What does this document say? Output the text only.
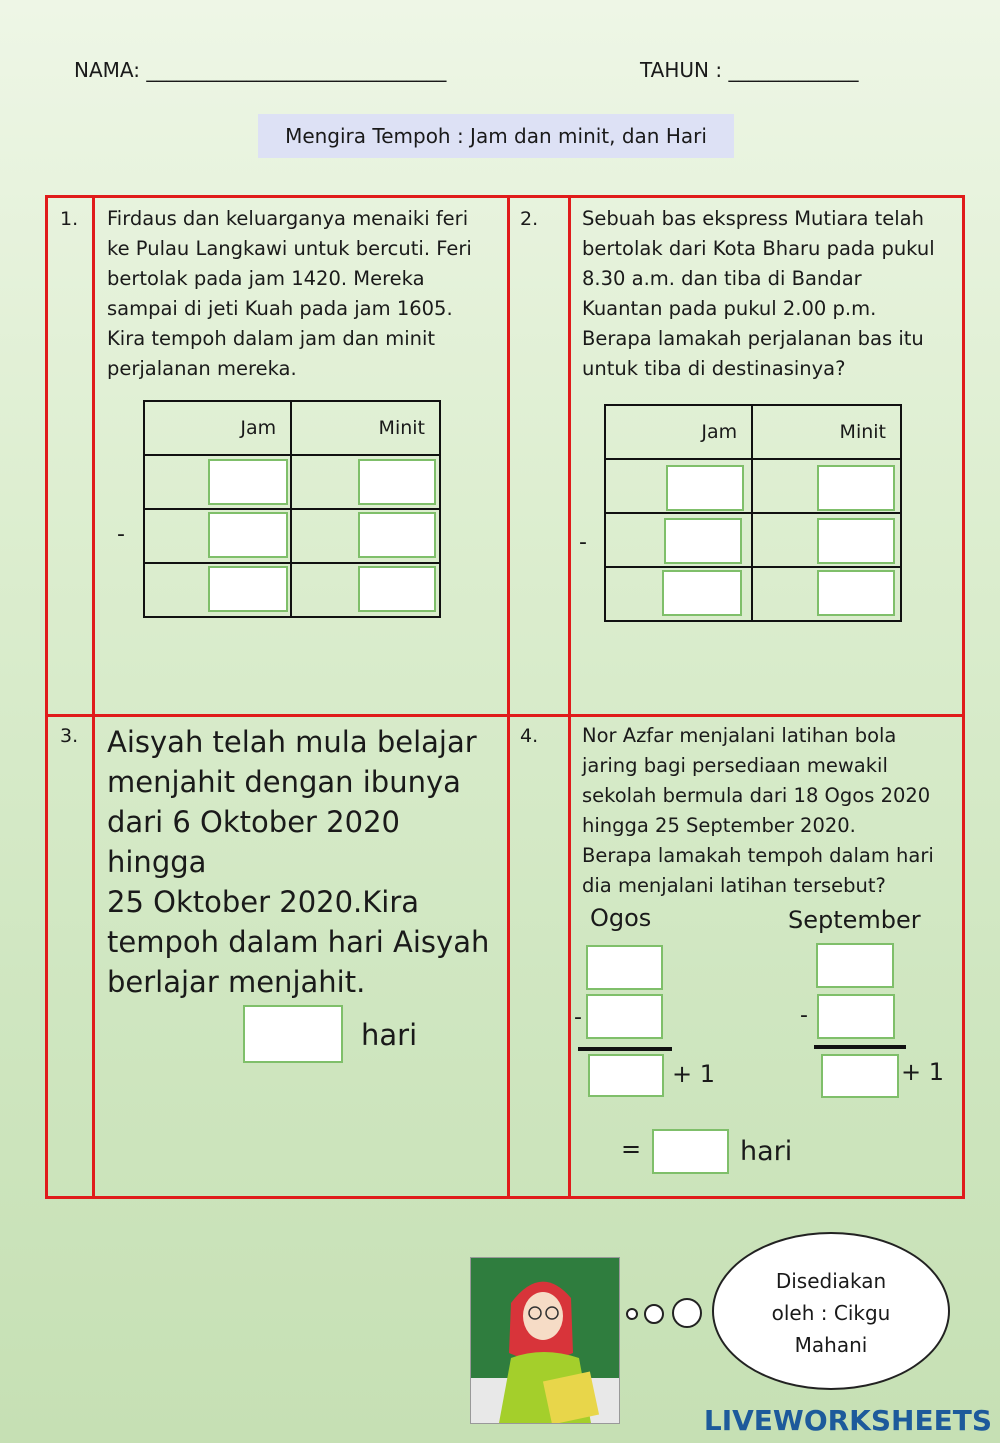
NAMA: ______________________________	TAHUN : _____________
Mengira Tempoh : Jam dan minit, dan Hari
1. Firdaus dan keluarganya menaiki feri
ke Pulau Langkawi untuk bercuti. Feri
bertolak pada jam 1420. Mereka
sampai di jeti Kuah pada jam 1605.
Kira tempoh dalam jam dan minit
perjalanan mereka.
Jam	Minit

-
2. Sebuah bas ekspress Mutiara telah
bertolak dari Kota Bharu pada pukul
8.30 a.m. dan tiba di Bandar
Kuantan pada pukul 2.00 p.m.
Berapa lamakah perjalanan bas itu
untuk tiba di destinasinya?
Jam	Minit

-
3. Aisyah telah mula belajar
menjahit dengan ibunya
dari 6 Oktober 2020 hingga
25 Oktober 2020.Kira
tempoh dalam hari Aisyah
berlajar menjahit.
hari
4. Nor Azfar menjalani latihan bola
jaring bagi persediaan mewakil
sekolah bermula dari 18 Ogos 2020
hingga 25 September 2020.
Berapa lamakah tempoh dalam hari
dia menjalani latihan tersebut?
Ogos	September
-
+ 1
-
+ 1
=	hari
Disediakan
oleh : Cikgu
Mahani
LIVEWORKSHEETS
